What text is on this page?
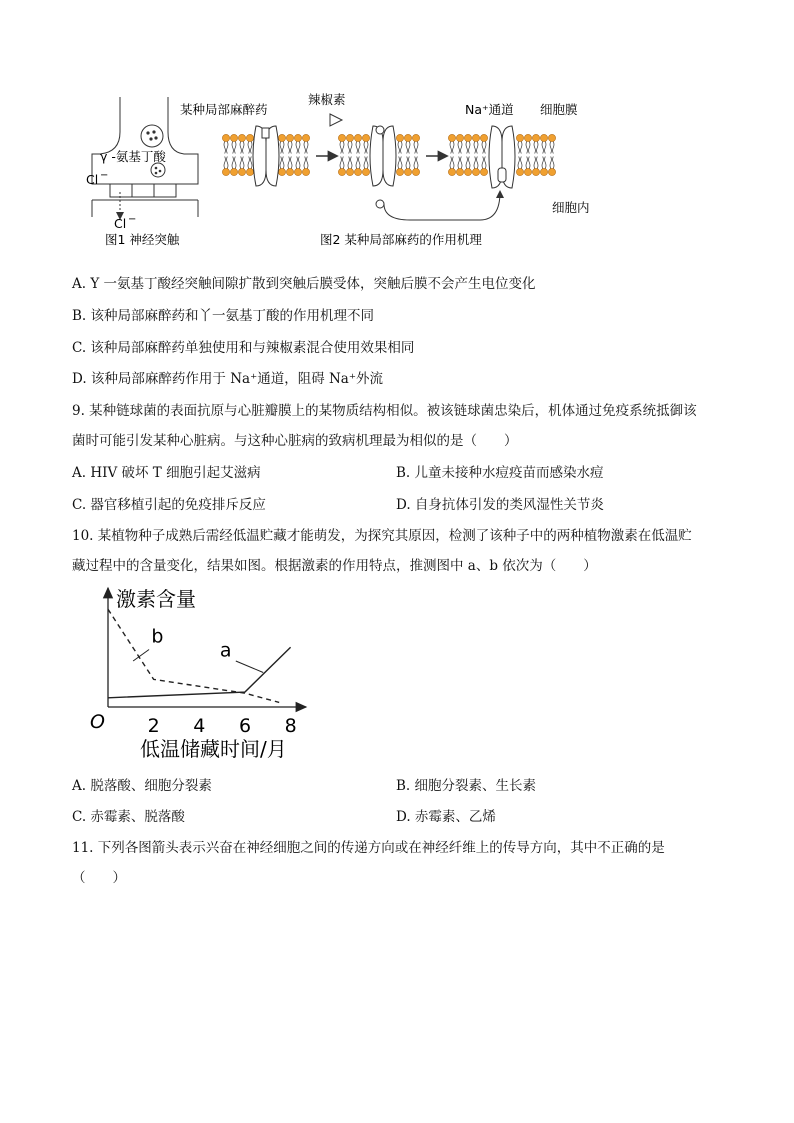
γ -氨基丁酸
Cl −
Cl −
图1 神经突触
某种局部麻醉药
辣椒素
Na⁺通道 细胞膜
细胞内
图2 某种局部麻药的作用机理
A. Y 一氨基丁酸经突触间隙扩散到突触后膜受体，突触后膜不会产生电位变化
B. 该种局部麻醉药和丫一氨基丁酸的作用机理不同
C. 该种局部麻醉药单独使用和与辣椒素混合使用效果相同
D. 该种局部麻醉药作用于 Na⁺通道，阻碍 Na⁺外流
9. 某种链球菌的表面抗原与心脏瓣膜上的某物质结构相似。被该链球菌忠染后，机体通过免疫系统抵御该
菌时可能引发某种心脏病。与这种心脏病的致病机理最为相似的是（　　）
A. HIV 破坏 T 细胞引起艾滋病	B. 儿童未接种水痘疫苗而感染水痘
C. 器官移植引起的免疫排斥反应	D. 自身抗体引发的类风湿性关节炎
10. 某植物种子成熟后需经低温贮藏才能萌发，为探究其原因，检测了该种子中的两种植物激素在低温贮
藏过程中的含量变化，结果如图。根据激素的作用特点，推测图中 a、b 依次为（　　）
激素含量
低温储藏时间/月
O 2 4 6 8
a
b
A. 脱落酸、细胞分裂素	B. 细胞分裂素、生长素
C. 赤霉素、脱落酸	D. 赤霉素、乙烯
11. 下列各图箭头表示兴奋在神经细胞之间的传递方向或在神经纤维上的传导方向，其中不正确的是
（　　）
